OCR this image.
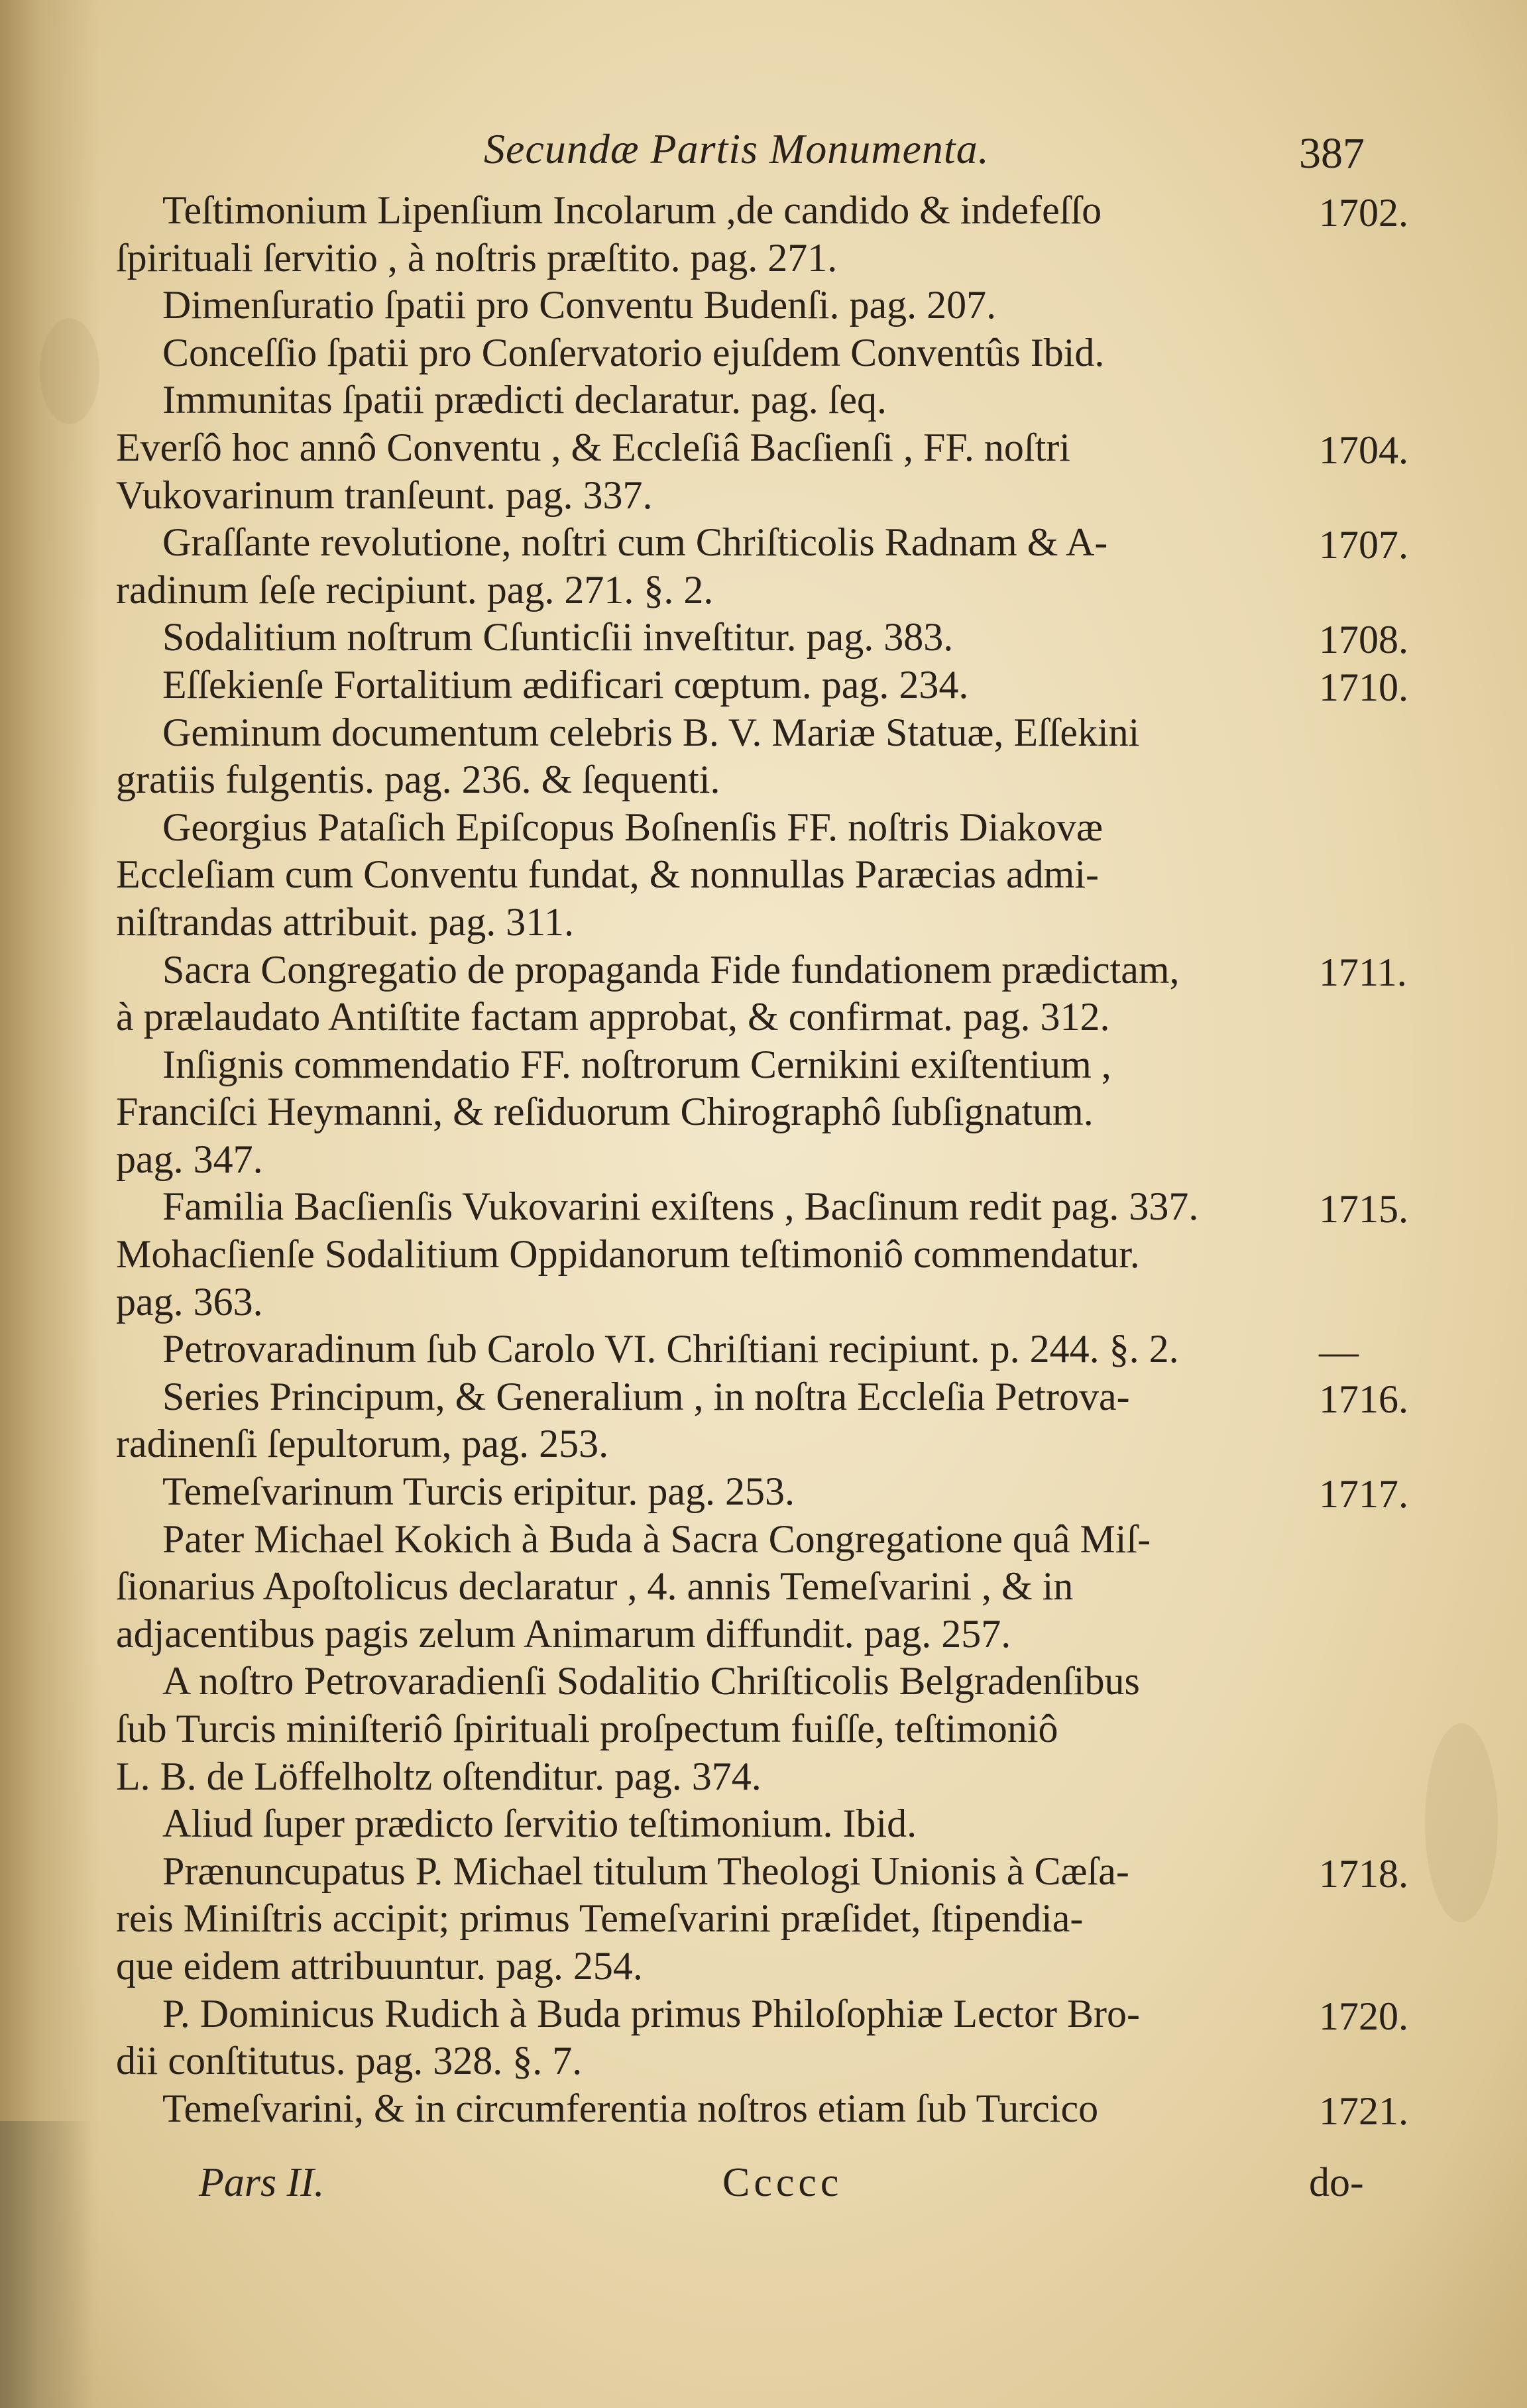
Secundæ Partis Monumenta.	387
Teſtimonium Lipenſium Incolarum ,de candido & indefeſſo	1702.
ſpirituali ſervitio , à noſtris præſtito. pag. 271.
Dimenſuratio ſpatii pro Conventu Budenſi. pag. 207.
Conceſſio ſpatii pro Conſervatorio ejuſdem Conventûs Ibid.
Immunitas ſpatii prædicti declaratur. pag. ſeq.
Everſô hoc annô Conventu , & Eccleſiâ Bacſienſi , FF. noſtri	1704.
Vukovarinum tranſeunt. pag. 337.
Graſſante revolutione, noſtri cum Chriſticolis Radnam & A-	1707.
radinum ſeſe recipiunt. pag. 271. §. 2.
Sodalitium noſtrum Cſunticſii inveſtitur. pag. 383.	1708.
Eſſekienſe Fortalitium ædificari cœptum. pag. 234.	1710.
Geminum documentum celebris B. V. Mariæ Statuæ, Eſſekini
gratiis fulgentis. pag. 236. & ſequenti.
Georgius Pataſich Epiſcopus Boſnenſis FF. noſtris Diakovæ
Eccleſiam cum Conventu fundat, & nonnullas Paræcias admi-
niſtrandas attribuit. pag. 311.
Sacra Congregatio de propaganda Fide fundationem prædictam,	1711.
à prælaudato Antiſtite factam approbat, & confirmat. pag. 312.
Inſignis commendatio FF. noſtrorum Cernikini exiſtentium ,
Franciſci Heymanni, & reſiduorum Chirographô ſubſignatum.
pag. 347.
Familia Bacſienſis Vukovarini exiſtens , Bacſinum redit pag. 337.	1715.
Mohacſienſe Sodalitium Oppidanorum teſtimoniô commendatur.
pag. 363.
Petrovaradinum ſub Carolo VI. Chriſtiani recipiunt. p. 244. §. 2.	—
Series Principum, & Generalium , in noſtra Eccleſia Petrova-	1716.
radinenſi ſepultorum, pag. 253.
Temeſvarinum Turcis eripitur. pag. 253.	1717.
Pater Michael Kokich à Buda à Sacra Congregatione quâ Miſ-
ſionarius Apoſtolicus declaratur , 4. annis Temeſvarini , & in
adjacentibus pagis zelum Animarum diffundit. pag. 257.
A noſtro Petrovaradienſi Sodalitio Chriſticolis Belgradenſibus
ſub Turcis miniſteriô ſpirituali proſpectum fuiſſe, teſtimoniô
L. B. de Löffelholtz oſtenditur. pag. 374.
Aliud ſuper prædicto ſervitio teſtimonium. Ibid.
Prænuncupatus P. Michael titulum Theologi Unionis à Cæſa-	1718.
reis Miniſtris accipit; primus Temeſvarini præſidet, ſtipendia-
que eidem attribuuntur. pag. 254.
P. Dominicus Rudich à Buda primus Philoſophiæ Lector Bro-	1720.
dii conſtitutus. pag. 328. §. 7.
Temeſvarini, & in circumferentia noſtros etiam ſub Turcico	1721.
Pars II.	Ccccc	do-
